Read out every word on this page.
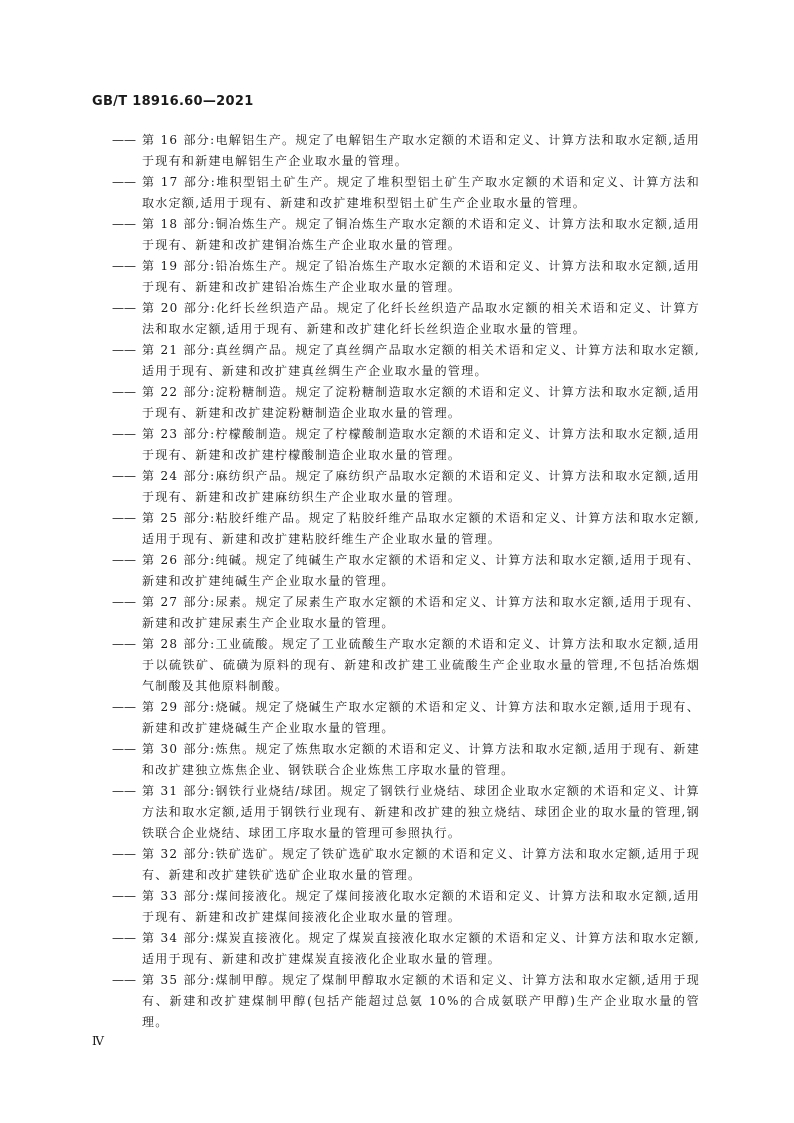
GB/T 18916.60—2021

—— 第 16 部分:电解铝生产。规定了电解铝生产取水定额的术语和定义、计算方法和取水定额,适用于现有和新建电解铝生产企业取水量的管理。

—— 第 17 部分:堆积型铝土矿生产。规定了堆积型铝土矿生产取水定额的术语和定义、计算方法和取水定额,适用于现有、新建和改扩建堆积型铝土矿生产企业取水量的管理。

—— 第 18 部分:铜冶炼生产。规定了铜冶炼生产取水定额的术语和定义、计算方法和取水定额,适用于现有、新建和改扩建铜冶炼生产企业取水量的管理。

—— 第 19 部分:铅冶炼生产。规定了铅冶炼生产取水定额的术语和定义、计算方法和取水定额,适用于现有、新建和改扩建铅冶炼生产企业取水量的管理。

—— 第 20 部分:化纤长丝织造产品。规定了化纤长丝织造产品取水定额的相关术语和定义、计算方法和取水定额,适用于现有、新建和改扩建化纤长丝织造企业取水量的管理。

—— 第 21 部分:真丝绸产品。规定了真丝绸产品取水定额的相关术语和定义、计算方法和取水定额,适用于现有、新建和改扩建真丝绸生产企业取水量的管理。

—— 第 22 部分:淀粉糖制造。规定了淀粉糖制造取水定额的术语和定义、计算方法和取水定额,适用于现有、新建和改扩建淀粉糖制造企业取水量的管理。

—— 第 23 部分:柠檬酸制造。规定了柠檬酸制造取水定额的术语和定义、计算方法和取水定额,适用于现有、新建和改扩建柠檬酸制造企业取水量的管理。

—— 第 24 部分:麻纺织产品。规定了麻纺织产品取水定额的术语和定义、计算方法和取水定额,适用于现有、新建和改扩建麻纺织生产企业取水量的管理。

—— 第 25 部分:粘胶纤维产品。规定了粘胶纤维产品取水定额的术语和定义、计算方法和取水定额,适用于现有、新建和改扩建粘胶纤维生产企业取水量的管理。

—— 第 26 部分:纯碱。规定了纯碱生产取水定额的术语和定义、计算方法和取水定额,适用于现有、新建和改扩建纯碱生产企业取水量的管理。

—— 第 27 部分:尿素。规定了尿素生产取水定额的术语和定义、计算方法和取水定额,适用于现有、新建和改扩建尿素生产企业取水量的管理。

—— 第 28 部分:工业硫酸。规定了工业硫酸生产取水定额的术语和定义、计算方法和取水定额,适用于以硫铁矿、硫磺为原料的现有、新建和改扩建工业硫酸生产企业取水量的管理,不包括冶炼烟气制酸及其他原料制酸。

—— 第 29 部分:烧碱。规定了烧碱生产取水定额的术语和定义、计算方法和取水定额,适用于现有、新建和改扩建烧碱生产企业取水量的管理。

—— 第 30 部分:炼焦。规定了炼焦取水定额的术语和定义、计算方法和取水定额,适用于现有、新建和改扩建独立炼焦企业、钢铁联合企业炼焦工序取水量的管理。

—— 第 31 部分:钢铁行业烧结/球团。规定了钢铁行业烧结、球团企业取水定额的术语和定义、计算方法和取水定额,适用于钢铁行业现有、新建和改扩建的独立烧结、球团企业的取水量的管理,钢铁联合企业烧结、球团工序取水量的管理可参照执行。

—— 第 32 部分:铁矿选矿。规定了铁矿选矿取水定额的术语和定义、计算方法和取水定额,适用于现有、新建和改扩建铁矿选矿企业取水量的管理。

—— 第 33 部分:煤间接液化。规定了煤间接液化取水定额的术语和定义、计算方法和取水定额,适用于现有、新建和改扩建煤间接液化企业取水量的管理。

—— 第 34 部分:煤炭直接液化。规定了煤炭直接液化取水定额的术语和定义、计算方法和取水定额,适用于现有、新建和改扩建煤炭直接液化企业取水量的管理。

—— 第 35 部分:煤制甲醇。规定了煤制甲醇取水定额的术语和定义、计算方法和取水定额,适用于现有、新建和改扩建煤制甲醇(包括产能超过总氨 10%的合成氨联产甲醇)生产企业取水量的管理。

Ⅳ
